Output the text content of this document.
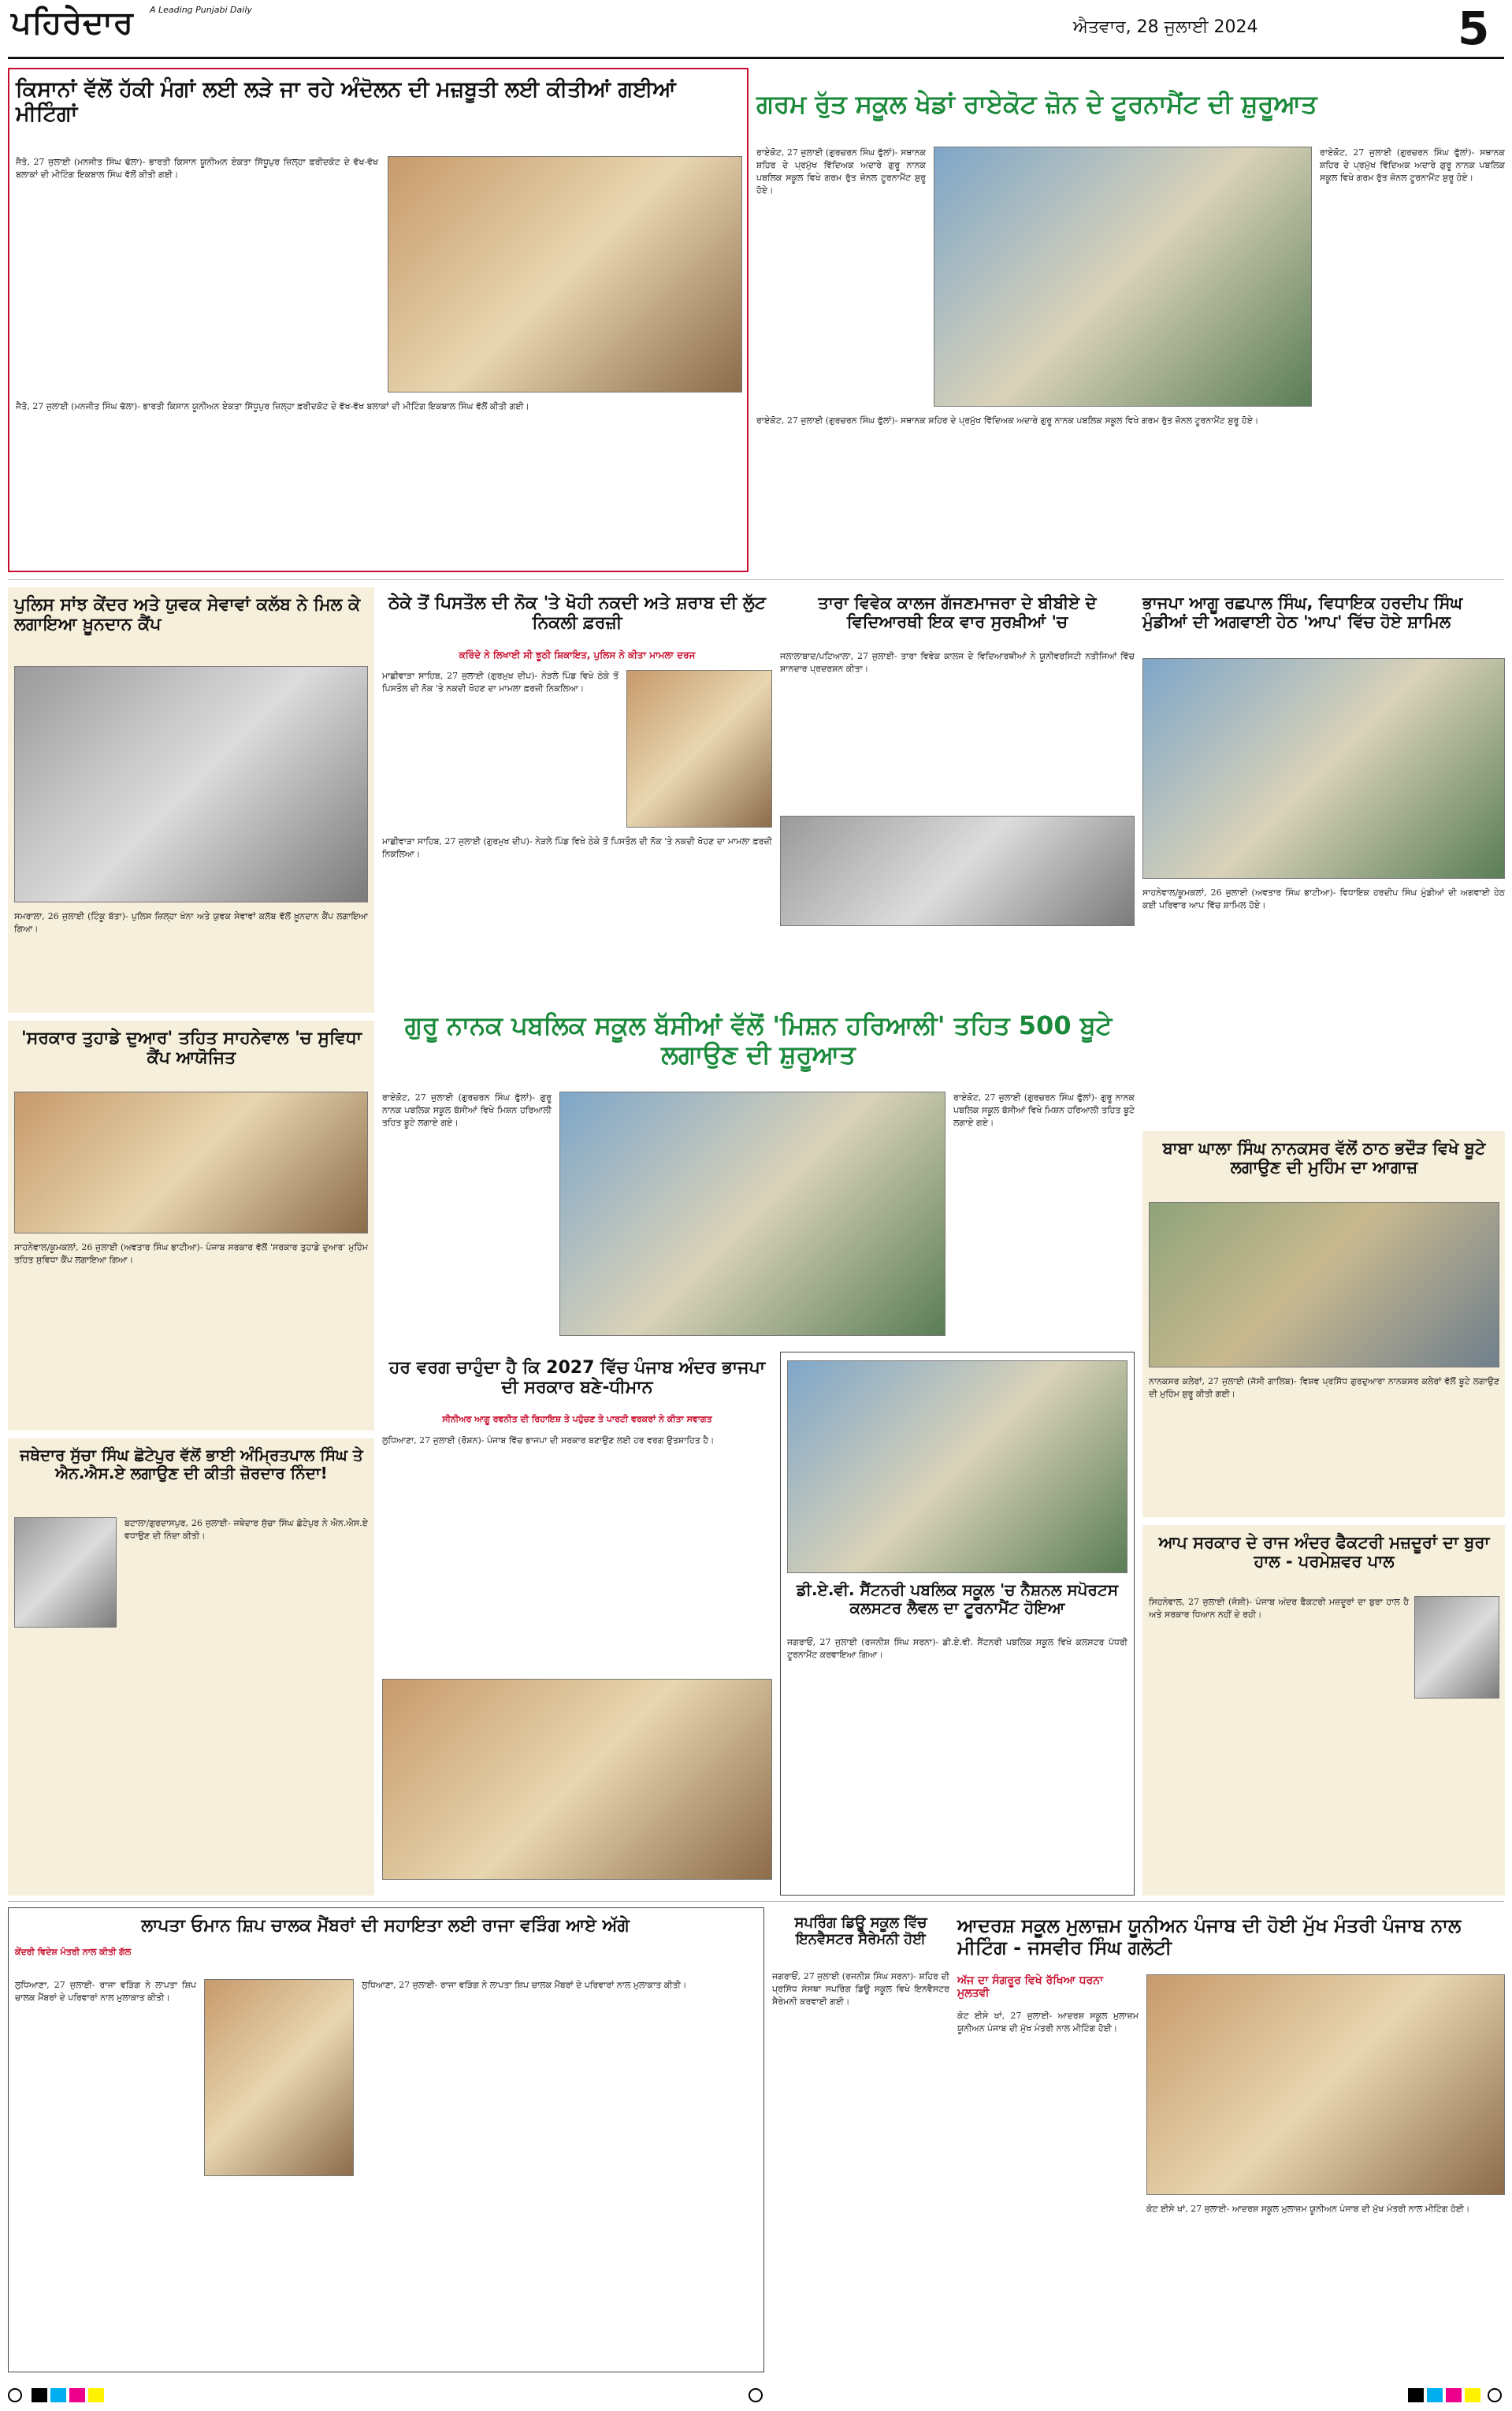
ਪਹਿਰੇਦਾਰ A Leading Punjabi Daily
ਐਤਵਾਰ, 28 ਜੁਲਾਈ 2024	5
ਕਿਸਾਨਾਂ ਵੱਲੋਂ ਹੱਕੀ ਮੰਗਾਂ ਲਈ ਲੜੇ ਜਾ ਰਹੇ ਅੰਦੋਲਨ ਦੀ ਮਜ਼ਬੂਤੀ ਲਈ ਕੀਤੀਆਂ ਗਈਆਂ ਮੀਟਿੰਗਾਂ
ਜੈਤੋ, 27 ਜੁਲਾਈ (ਮਨਜੀਤ ਸਿੰਘ ਢੱਲਾ)- ਭਾਰਤੀ ਕਿਸਾਨ ਯੂਨੀਅਨ ਏਕਤਾ ਸਿੱਧੂਪੁਰ ਜ਼ਿਲ੍ਹਾ ਫ਼ਰੀਦਕੋਟ ਦੇ ਵੱਖ-ਵੱਖ ਬਲਾਕਾਂ ਦੀ ਮੀਟਿੰਗ ਇਕਬਾਲ ਸਿੰਘ ਵੱਲੋਂ ਕੀਤੀ ਗਈ।
ਜੈਤੋ, 27 ਜੁਲਾਈ (ਮਨਜੀਤ ਸਿੰਘ ਢੱਲਾ)- ਭਾਰਤੀ ਕਿਸਾਨ ਯੂਨੀਅਨ ਏਕਤਾ ਸਿੱਧੂਪੁਰ ਜ਼ਿਲ੍ਹਾ ਫ਼ਰੀਦਕੋਟ ਦੇ ਵੱਖ-ਵੱਖ ਬਲਾਕਾਂ ਦੀ ਮੀਟਿੰਗ ਇਕਬਾਲ ਸਿੰਘ ਵੱਲੋਂ ਕੀਤੀ ਗਈ।
ਗਰਮ ਰੁੱਤ ਸਕੂਲ ਖੇਡਾਂ ਰਾਏਕੋਟ ਜ਼ੋਨ ਦੇ ਟੂਰਨਾਮੈਂਟ ਦੀ ਸ਼ੁਰੂਆਤ
ਰਾਏਕੋਟ, 27 ਜੁਲਾਈ (ਗੁਰਚਰਨ ਸਿੰਘ ਫੁੱਲਾਂ)- ਸਥਾਨਕ ਸ਼ਹਿਰ ਦੇ ਪ੍ਰਮੁੱਖ ਵਿੱਦਿਅਕ ਅਦਾਰੇ ਗੁਰੂ ਨਾਨਕ ਪਬਲਿਕ ਸਕੂਲ ਵਿਖੇ ਗਰਮ ਰੁੱਤ ਜ਼ੋਨਲ ਟੂਰਨਾਮੈਂਟ ਸ਼ੁਰੂ ਹੋਏ।
ਰਾਏਕੋਟ, 27 ਜੁਲਾਈ (ਗੁਰਚਰਨ ਸਿੰਘ ਫੁੱਲਾਂ)- ਸਥਾਨਕ ਸ਼ਹਿਰ ਦੇ ਪ੍ਰਮੁੱਖ ਵਿੱਦਿਅਕ ਅਦਾਰੇ ਗੁਰੂ ਨਾਨਕ ਪਬਲਿਕ ਸਕੂਲ ਵਿਖੇ ਗਰਮ ਰੁੱਤ ਜ਼ੋਨਲ ਟੂਰਨਾਮੈਂਟ ਸ਼ੁਰੂ ਹੋਏ।
ਰਾਏਕੋਟ, 27 ਜੁਲਾਈ (ਗੁਰਚਰਨ ਸਿੰਘ ਫੁੱਲਾਂ)- ਸਥਾਨਕ ਸ਼ਹਿਰ ਦੇ ਪ੍ਰਮੁੱਖ ਵਿੱਦਿਅਕ ਅਦਾਰੇ ਗੁਰੂ ਨਾਨਕ ਪਬਲਿਕ ਸਕੂਲ ਵਿਖੇ ਗਰਮ ਰੁੱਤ ਜ਼ੋਨਲ ਟੂਰਨਾਮੈਂਟ ਸ਼ੁਰੂ ਹੋਏ।
ਪੁਲਿਸ ਸਾਂਝ ਕੇਂਦਰ ਅਤੇ ਯੁਵਕ ਸੇਵਾਵਾਂ ਕਲੱਬ ਨੇ ਮਿਲ ਕੇ ਲਗਾਇਆ ਖ਼ੂਨਦਾਨ ਕੈਂਪ
ਸਮਰਾਲਾ, 26 ਜੁਲਾਈ (ਟਿੰਕੂ ਬੱਤਾ)- ਪੁਲਿਸ ਜ਼ਿਲ੍ਹਾ ਖੰਨਾ ਅਤੇ ਯੁਵਕ ਸੇਵਾਵਾਂ ਕਲੱਬ ਵੱਲੋਂ ਖ਼ੂਨਦਾਨ ਕੈਂਪ ਲਗਾਇਆ ਗਿਆ।
ਠੇਕੇ ਤੋਂ ਪਿਸਤੌਲ ਦੀ ਨੋਕ 'ਤੇ ਖੋਹੀ ਨਕਦੀ ਅਤੇ ਸ਼ਰਾਬ ਦੀ ਲੁੱਟ ਨਿਕਲੀ ਫ਼ਰਜ਼ੀ
ਕਰਿੰਦੇ ਨੇ ਲਿਖਾਈ ਸੀ ਝੂਠੀ ਸ਼ਿਕਾਇਤ, ਪੁਲਿਸ ਨੇ ਕੀਤਾ ਮਾਮਲਾ ਦਰਜ
ਮਾਛੀਵਾੜਾ ਸਾਹਿਬ, 27 ਜੁਲਾਈ (ਗੁਰਮੁਖ ਦੀਪ)- ਨੇੜਲੇ ਪਿੰਡ ਵਿਖੇ ਠੇਕੇ ਤੋਂ ਪਿਸਤੌਲ ਦੀ ਨੋਕ 'ਤੇ ਨਕਦੀ ਖੋਹਣ ਦਾ ਮਾਮਲਾ ਫ਼ਰਜ਼ੀ ਨਿਕਲਿਆ।
ਮਾਛੀਵਾੜਾ ਸਾਹਿਬ, 27 ਜੁਲਾਈ (ਗੁਰਮੁਖ ਦੀਪ)- ਨੇੜਲੇ ਪਿੰਡ ਵਿਖੇ ਠੇਕੇ ਤੋਂ ਪਿਸਤੌਲ ਦੀ ਨੋਕ 'ਤੇ ਨਕਦੀ ਖੋਹਣ ਦਾ ਮਾਮਲਾ ਫ਼ਰਜ਼ੀ ਨਿਕਲਿਆ।
ਤਾਰਾ ਵਿਵੇਕ ਕਾਲਜ ਗੱਜਣਮਾਜਰਾ ਦੇ ਬੀਬੀਏ ਦੇ ਵਿਦਿਆਰਥੀ ਇਕ ਵਾਰ ਸੁਰਖ਼ੀਆਂ 'ਚ
ਜਲਾਲਾਬਾਦ/ਪਟਿਆਲਾ, 27 ਜੁਲਾਈ- ਤਾਰਾ ਵਿਵੇਕ ਕਾਲਜ ਦੇ ਵਿਦਿਆਰਥੀਆਂ ਨੇ ਯੂਨੀਵਰਸਿਟੀ ਨਤੀਜਿਆਂ ਵਿੱਚ ਸ਼ਾਨਦਾਰ ਪ੍ਰਦਰਸ਼ਨ ਕੀਤਾ।
ਭਾਜਪਾ ਆਗੂ ਰਛਪਾਲ ਸਿੰਘ, ਵਿਧਾਇਕ ਹਰਦੀਪ ਸਿੰਘ ਮੁੰਡੀਆਂ ਦੀ ਅਗਵਾਈ ਹੇਠ 'ਆਪ' ਵਿੱਚ ਹੋਏ ਸ਼ਾਮਿਲ
ਸਾਹਨੇਵਾਲ/ਕੂਮਕਲਾਂ, 26 ਜੁਲਾਈ (ਅਵਤਾਰ ਸਿੰਘ ਭਾਟੀਆ)- ਵਿਧਾਇਕ ਹਰਦੀਪ ਸਿੰਘ ਮੁੰਡੀਆਂ ਦੀ ਅਗਵਾਈ ਹੇਠ ਕਈ ਪਰਿਵਾਰ ਆਪ ਵਿੱਚ ਸ਼ਾਮਿਲ ਹੋਏ।
'ਸਰਕਾਰ ਤੁਹਾਡੇ ਦੁਆਰ' ਤਹਿਤ ਸਾਹਨੇਵਾਲ 'ਚ ਸੁਵਿਧਾ ਕੈਂਪ ਆਯੋਜਿਤ
ਸਾਹਨੇਵਾਲ/ਕੂਮਕਲਾਂ, 26 ਜੁਲਾਈ (ਅਵਤਾਰ ਸਿੰਘ ਭਾਟੀਆ)- ਪੰਜਾਬ ਸਰਕਾਰ ਵੱਲੋਂ 'ਸਰਕਾਰ ਤੁਹਾਡੇ ਦੁਆਰ' ਮੁਹਿੰਮ ਤਹਿਤ ਸੁਵਿਧਾ ਕੈਂਪ ਲਗਾਇਆ ਗਿਆ।
ਗੁਰੂ ਨਾਨਕ ਪਬਲਿਕ ਸਕੂਲ ਬੱਸੀਆਂ ਵੱਲੋਂ 'ਮਿਸ਼ਨ ਹਰਿਆਲੀ' ਤਹਿਤ 500 ਬੂਟੇ ਲਗਾਉਣ ਦੀ ਸ਼ੁਰੂਆਤ
ਰਾਏਕੋਟ, 27 ਜੁਲਾਈ (ਗੁਰਚਰਨ ਸਿੰਘ ਫੁੱਲਾਂ)- ਗੁਰੂ ਨਾਨਕ ਪਬਲਿਕ ਸਕੂਲ ਬੱਸੀਆਂ ਵਿਖੇ ਮਿਸ਼ਨ ਹਰਿਆਲੀ ਤਹਿਤ ਬੂਟੇ ਲਗਾਏ ਗਏ।
ਰਾਏਕੋਟ, 27 ਜੁਲਾਈ (ਗੁਰਚਰਨ ਸਿੰਘ ਫੁੱਲਾਂ)- ਗੁਰੂ ਨਾਨਕ ਪਬਲਿਕ ਸਕੂਲ ਬੱਸੀਆਂ ਵਿਖੇ ਮਿਸ਼ਨ ਹਰਿਆਲੀ ਤਹਿਤ ਬੂਟੇ ਲਗਾਏ ਗਏ।
ਬਾਬਾ ਘਾਲਾ ਸਿੰਘ ਨਾਨਕਸਰ ਵੱਲੋਂ ਠਾਠ ਭਦੌੜ ਵਿਖੇ ਬੂਟੇ ਲਗਾਉਣ ਦੀ ਮੁਹਿੰਮ ਦਾ ਆਗਾਜ਼
ਨਾਨਕਸਰ ਕਲੇਰਾਂ, 27 ਜੁਲਾਈ (ਜੱਸੀ ਗਾਲਿਬ)- ਵਿਸ਼ਵ ਪ੍ਰਸਿੱਧ ਗੁਰਦੁਆਰਾ ਨਾਨਕਸਰ ਕਲੇਰਾਂ ਵੱਲੋਂ ਬੂਟੇ ਲਗਾਉਣ ਦੀ ਮੁਹਿੰਮ ਸ਼ੁਰੂ ਕੀਤੀ ਗਈ।
ਹਰ ਵਰਗ ਚਾਹੁੰਦਾ ਹੈ ਕਿ 2027 ਵਿੱਚ ਪੰਜਾਬ ਅੰਦਰ ਭਾਜਪਾ ਦੀ ਸਰਕਾਰ ਬਣੇ-ਧੀਮਾਨ
ਸੀਨੀਅਰ ਆਗੂ ਰਵਨੀਤ ਦੀ ਰਿਹਾਇਸ਼ ਤੇ ਪਹੁੰਚਣ ਤੇ ਪਾਰਟੀ ਵਰਕਰਾਂ ਨੇ ਕੀਤਾ ਸਵਾਗਤ
ਲੁਧਿਆਣਾ, 27 ਜੁਲਾਈ (ਰੋਸ਼ਨ)- ਪੰਜਾਬ ਵਿੱਚ ਭਾਜਪਾ ਦੀ ਸਰਕਾਰ ਬਣਾਉਣ ਲਈ ਹਰ ਵਰਗ ਉਤਸ਼ਾਹਿਤ ਹੈ।
ਡੀ.ਏ.ਵੀ. ਸੈਂਟਨਰੀ ਪਬਲਿਕ ਸਕੂਲ 'ਚ ਨੈਸ਼ਨਲ ਸਪੋਰਟਸ ਕਲਸਟਰ ਲੈਵਲ ਦਾ ਟੂਰਨਾਮੈਂਟ ਹੋਇਆ
ਜਗਰਾਓਂ, 27 ਜੁਲਾਈ (ਰਜਨੀਸ਼ ਸਿੰਘ ਸਰਨਾ)- ਡੀ.ਏ.ਵੀ. ਸੈਂਟਨਰੀ ਪਬਲਿਕ ਸਕੂਲ ਵਿਖੇ ਕਲਸਟਰ ਪੱਧਰੀ ਟੂਰਨਾਮੈਂਟ ਕਰਵਾਇਆ ਗਿਆ।
ਆਪ ਸਰਕਾਰ ਦੇ ਰਾਜ ਅੰਦਰ ਫੈਕਟਰੀ ਮਜ਼ਦੂਰਾਂ ਦਾ ਬੁਰਾ ਹਾਲ - ਪਰਮੇਸ਼ਵਰ ਪਾਲ
ਸਿਹਨੇਵਾਲ, 27 ਜੁਲਾਈ (ਜੋਸ਼ੀ)- ਪੰਜਾਬ ਅੰਦਰ ਫੈਕਟਰੀ ਮਜ਼ਦੂਰਾਂ ਦਾ ਬੁਰਾ ਹਾਲ ਹੈ ਅਤੇ ਸਰਕਾਰ ਧਿਆਨ ਨਹੀਂ ਦੇ ਰਹੀ।
ਜਥੇਦਾਰ ਸੁੱਚਾ ਸਿੰਘ ਛੋਟੇਪੁਰ ਵੱਲੋਂ ਭਾਈ ਅੰਮ੍ਰਿਤਪਾਲ ਸਿੰਘ ਤੇ ਐਨ.ਐਸ.ਏ ਲਗਾਉਣ ਦੀ ਕੀਤੀ ਜ਼ੋਰਦਾਰ ਨਿੰਦਾ!
ਬਟਾਲਾ/ਗੁਰਦਾਸਪੁਰ, 26 ਜੁਲਾਈ- ਜਥੇਦਾਰ ਸੁੱਚਾ ਸਿੰਘ ਛੋਟੇਪੁਰ ਨੇ ਐਨ.ਐਸ.ਏ ਵਧਾਉਣ ਦੀ ਨਿੰਦਾ ਕੀਤੀ।
ਲਾਪਤਾ ਓਮਾਨ ਸ਼ਿਪ ਚਾਲਕ ਮੈਂਬਰਾਂ ਦੀ ਸਹਾਇਤਾ ਲਈ ਰਾਜਾ ਵੜਿੰਗ ਆਏ ਅੱਗੇ
ਕੇਂਦਰੀ ਵਿਦੇਸ਼ ਮੰਤਰੀ ਨਾਲ ਕੀਤੀ ਗੱਲ
ਲੁਧਿਆਣਾ, 27 ਜੁਲਾਈ- ਰਾਜਾ ਵੜਿੰਗ ਨੇ ਲਾਪਤਾ ਸ਼ਿਪ ਚਾਲਕ ਮੈਂਬਰਾਂ ਦੇ ਪਰਿਵਾਰਾਂ ਨਾਲ ਮੁਲਾਕਾਤ ਕੀਤੀ।
ਲੁਧਿਆਣਾ, 27 ਜੁਲਾਈ- ਰਾਜਾ ਵੜਿੰਗ ਨੇ ਲਾਪਤਾ ਸ਼ਿਪ ਚਾਲਕ ਮੈਂਬਰਾਂ ਦੇ ਪਰਿਵਾਰਾਂ ਨਾਲ ਮੁਲਾਕਾਤ ਕੀਤੀ।
ਸਪਰਿੰਗ ਡਿਊ ਸਕੂਲ ਵਿੱਚ ਇਨਵੈਸਟਰ ਸੈਰੇਮਨੀ ਹੋਈ
ਜਗਰਾਓਂ, 27 ਜੁਲਾਈ (ਰਜਨੀਸ਼ ਸਿੰਘ ਸਰਨਾ)- ਸ਼ਹਿਰ ਦੀ ਪ੍ਰਸਿੱਧ ਸੰਸਥਾ ਸਪਰਿੰਗ ਡਿਊ ਸਕੂਲ ਵਿਖੇ ਇਨਵੈਸਟਰ ਸੈਰੇਮਨੀ ਕਰਵਾਈ ਗਈ।
ਆਦਰਸ਼ ਸਕੂਲ ਮੁਲਾਜ਼ਮ ਯੂਨੀਅਨ ਪੰਜਾਬ ਦੀ ਹੋਈ ਮੁੱਖ ਮੰਤਰੀ ਪੰਜਾਬ ਨਾਲ ਮੀਟਿੰਗ - ਜਸਵੀਰ ਸਿੰਘ ਗਲੋਟੀ
ਅੱਜ ਦਾ ਸੰਗਰੂਰ ਵਿਖੇ ਰੱਖਿਆ ਧਰਨਾ ਮੁਲਤਵੀ
ਕੋਟ ਈਸੇ ਖਾਂ, 27 ਜੁਲਾਈ- ਆਦਰਸ਼ ਸਕੂਲ ਮੁਲਾਜ਼ਮ ਯੂਨੀਅਨ ਪੰਜਾਬ ਦੀ ਮੁੱਖ ਮੰਤਰੀ ਨਾਲ ਮੀਟਿੰਗ ਹੋਈ।
ਕੋਟ ਈਸੇ ਖਾਂ, 27 ਜੁਲਾਈ- ਆਦਰਸ਼ ਸਕੂਲ ਮੁਲਾਜ਼ਮ ਯੂਨੀਅਨ ਪੰਜਾਬ ਦੀ ਮੁੱਖ ਮੰਤਰੀ ਨਾਲ ਮੀਟਿੰਗ ਹੋਈ।
